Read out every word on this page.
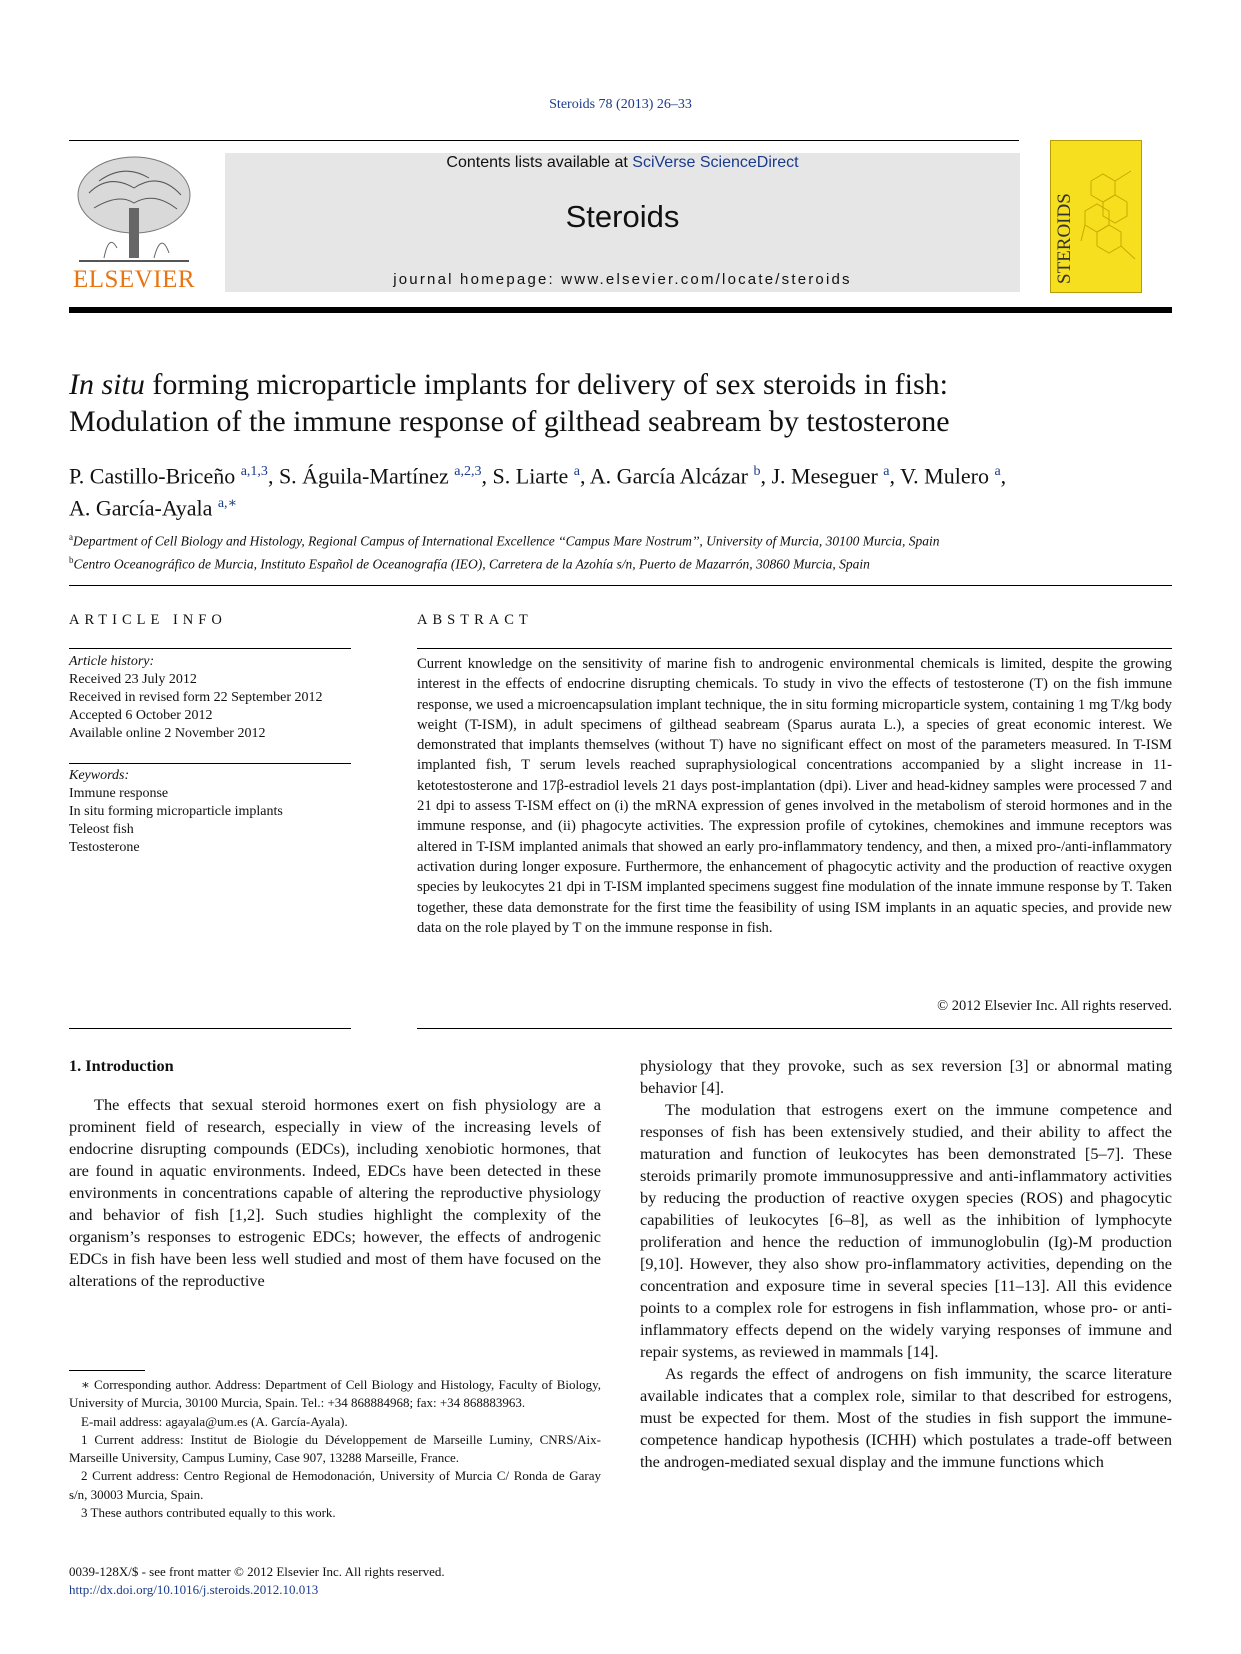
Steroids 78 (2013) 26–33
ELSEVIER
Contents lists available at SciVerse ScienceDirect
Steroids
journal homepage: www.elsevier.com/locate/steroids	STEROIDS
In situ forming microparticle implants for delivery of sex steroids in fish:
Modulation of the immune response of gilthead seabream by testosterone
P. Castillo-Briceño $^{a,1,3}$, S. Águila-Martínez $^{a,2,3}$, S. Liarte $^a$, A. García Alcázar $^b$, J. Meseguer $^a$, V. Mulero $^a$,
A. García-Ayala $^{a,∗}$
$^a$Department of Cell Biology and Histology, Regional Campus of International Excellence ‘‘Campus Mare Nostrum’’, University of Murcia, 30100 Murcia, Spain
$^b$Centro Oceanográfico de Murcia, Instituto Español de Oceanografía (IEO), Carretera de la Azohía s/n, Puerto de Mazarrón, 30860 Murcia, Spain
ARTICLE INFO	ABSTRACT
Article history:
Received 23 July 2012
Received in revised form 22 September 2012
Accepted 6 October 2012
Available online 2 November 2012
Keywords:
Immune response
In situ forming microparticle implants
Teleost fish
Testosterone
Current knowledge on the sensitivity of marine fish to androgenic environmental chemicals is limited, despite the growing interest in the effects of endocrine disrupting chemicals. To study in vivo the effects of testosterone (T) on the fish immune response, we used a microencapsulation implant technique, the in situ forming microparticle system, containing 1 mg T/kg body weight (T-ISM), in adult specimens of gilthead seabream (Sparus aurata L.), a species of great economic interest. We demonstrated that implants themselves (without T) have no significant effect on most of the parameters measured. In T-ISM implanted fish, T serum levels reached supraphysiological concentrations accompanied by a slight increase in 11-ketotestosterone and 17β-estradiol levels 21 days post-implantation (dpi). Liver and head-kidney samples were processed 7 and 21 dpi to assess T-ISM effect on (i) the mRNA expression of genes involved in the metabolism of steroid hormones and in the immune response, and (ii) phagocyte activities. The expression profile of cytokines, chemokines and immune receptors was altered in T-ISM implanted animals that showed an early pro-inflammatory tendency, and then, a mixed pro-/anti-inflammatory activation during longer exposure. Furthermore, the enhancement of phagocytic activity and the production of reactive oxygen species by leukocytes 21 dpi in T-ISM implanted specimens suggest fine modulation of the innate immune response by T. Taken together, these data demonstrate for the first time the feasibility of using ISM implants in an aquatic species, and provide new data on the role played by T on the immune response in fish.
© 2012 Elsevier Inc. All rights reserved.
1. Introduction

The effects that sexual steroid hormones exert on fish physiology are a prominent field of research, especially in view of the increasing levels of endocrine disrupting compounds (EDCs), including xenobiotic hormones, that are found in aquatic environments. Indeed, EDCs have been detected in these environments in concentrations capable of altering the reproductive physiology and behavior of fish [1,2]. Such studies highlight the complexity of the organism’s responses to estrogenic EDCs; however, the effects of androgenic EDCs in fish have been less well studied and most of them have focused on the alterations of the reproductive

physiology that they provoke, such as sex reversion [3] or abnormal mating behavior [4].

The modulation that estrogens exert on the immune competence and responses of fish has been extensively studied, and their ability to affect the maturation and function of leukocytes has been demonstrated [5–7]. These steroids primarily promote immunosuppressive and anti-inflammatory activities by reducing the production of reactive oxygen species (ROS) and phagocytic capabilities of leukocytes [6–8], as well as the inhibition of lymphocyte proliferation and hence the reduction of immunoglobulin (Ig)-M production [9,10]. However, they also show pro-inflammatory activities, depending on the concentration and exposure time in several species [11–13]. All this evidence points to a complex role for estrogens in fish inflammation, whose pro- or anti-inflammatory effects depend on the widely varying responses of immune and repair systems, as reviewed in mammals [14].

As regards the effect of androgens on fish immunity, the scarce literature available indicates that a complex role, similar to that described for estrogens, must be expected for them. Most of the studies in fish support the immune-competence handicap hypothesis (ICHH) which postulates a trade-off between the androgen-mediated sexual display and the immune functions which

∗ Corresponding author. Address: Department of Cell Biology and Histology, Faculty of Biology, University of Murcia, 30100 Murcia, Spain. Tel.: +34 868884968; fax: +34 868883963.

E-mail address: agayala@um.es (A. García-Ayala).

1 Current address: Institut de Biologie du Développement de Marseille Luminy, CNRS/Aix-Marseille University, Campus Luminy, Case 907, 13288 Marseille, France.

2 Current address: Centro Regional de Hemodonación, University of Murcia C/ Ronda de Garay s/n, 30003 Murcia, Spain.

3 These authors contributed equally to this work.

0039-128X/$ - see front matter © 2012 Elsevier Inc. All rights reserved.
http://dx.doi.org/10.1016/j.steroids.2012.10.013
